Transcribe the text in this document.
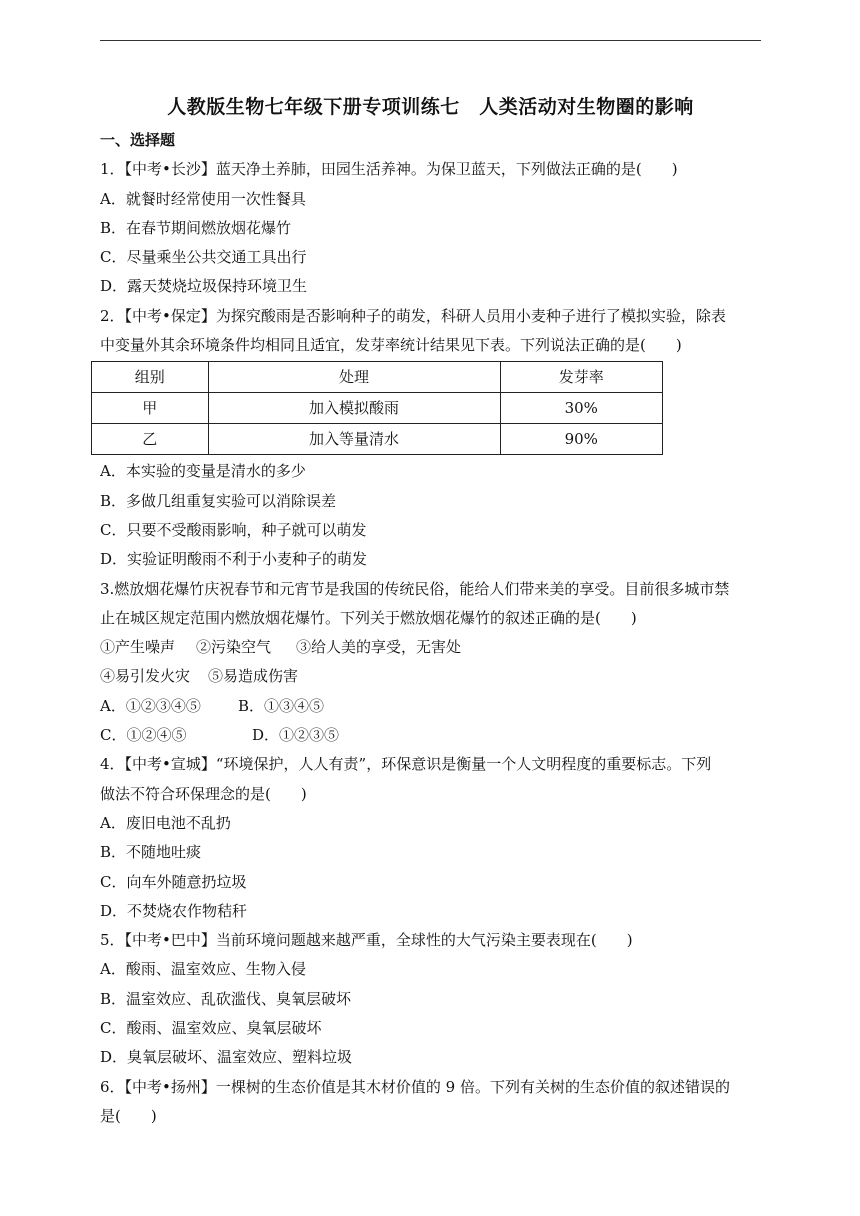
人教版生物七年级下册专项训练七　人类活动对生物圈的影响
一、选择题
1．【中考•长沙】蓝天净土养肺，田园生活养神。为保卫蓝天，下列做法正确的是(　　)
A．就餐时经常使用一次性餐具
B．在春节期间燃放烟花爆竹
C．尽量乘坐公共交通工具出行
D．露天焚烧垃圾保持环境卫生
2．【中考•保定】为探究酸雨是否影响种子的萌发，科研人员用小麦种子进行了模拟实验，除表
中变量外其余环境条件均相同且适宜，发芽率统计结果见下表。下列说法正确的是(　　)
组别	处理	发芽率
甲	加入模拟酸雨	30%
乙	加入等量清水	90%
A．本实验的变量是清水的多少
B．多做几组重复实验可以消除误差
C．只要不受酸雨影响，种子就可以萌发
D．实验证明酸雨不利于小麦种子的萌发
3.燃放烟花爆竹庆祝春节和元宵节是我国的传统民俗，能给人们带来美的享受。目前很多城市禁
止在城区规定范围内燃放烟花爆竹。下列关于燃放烟花爆竹的叙述正确的是(　　)
①产生噪声 ②污染空气 ③给人美的享受，无害处
④易引发火灾 ⑤易造成伤害
A．①②③④⑤ B．①③④⑤
C．①②④⑤	D．①②③⑤
4．【中考•宣城】“环境保护，人人有责”，环保意识是衡量一个人文明程度的重要标志。下列
做法不符合环保理念的是(　　)
A．废旧电池不乱扔
B．不随地吐痰
C．向车外随意扔垃圾
D．不焚烧农作物秸秆
5．【中考•巴中】当前环境问题越来越严重，全球性的大气污染主要表现在(　　)
A．酸雨、温室效应、生物入侵
B．温室效应、乱砍滥伐、臭氧层破坏
C．酸雨、温室效应、臭氧层破坏
D．臭氧层破坏、温室效应、塑料垃圾
6．【中考•扬州】一棵树的生态价值是其木材价值的 9 倍。下列有关树的生态价值的叙述错误的
是(　　)
